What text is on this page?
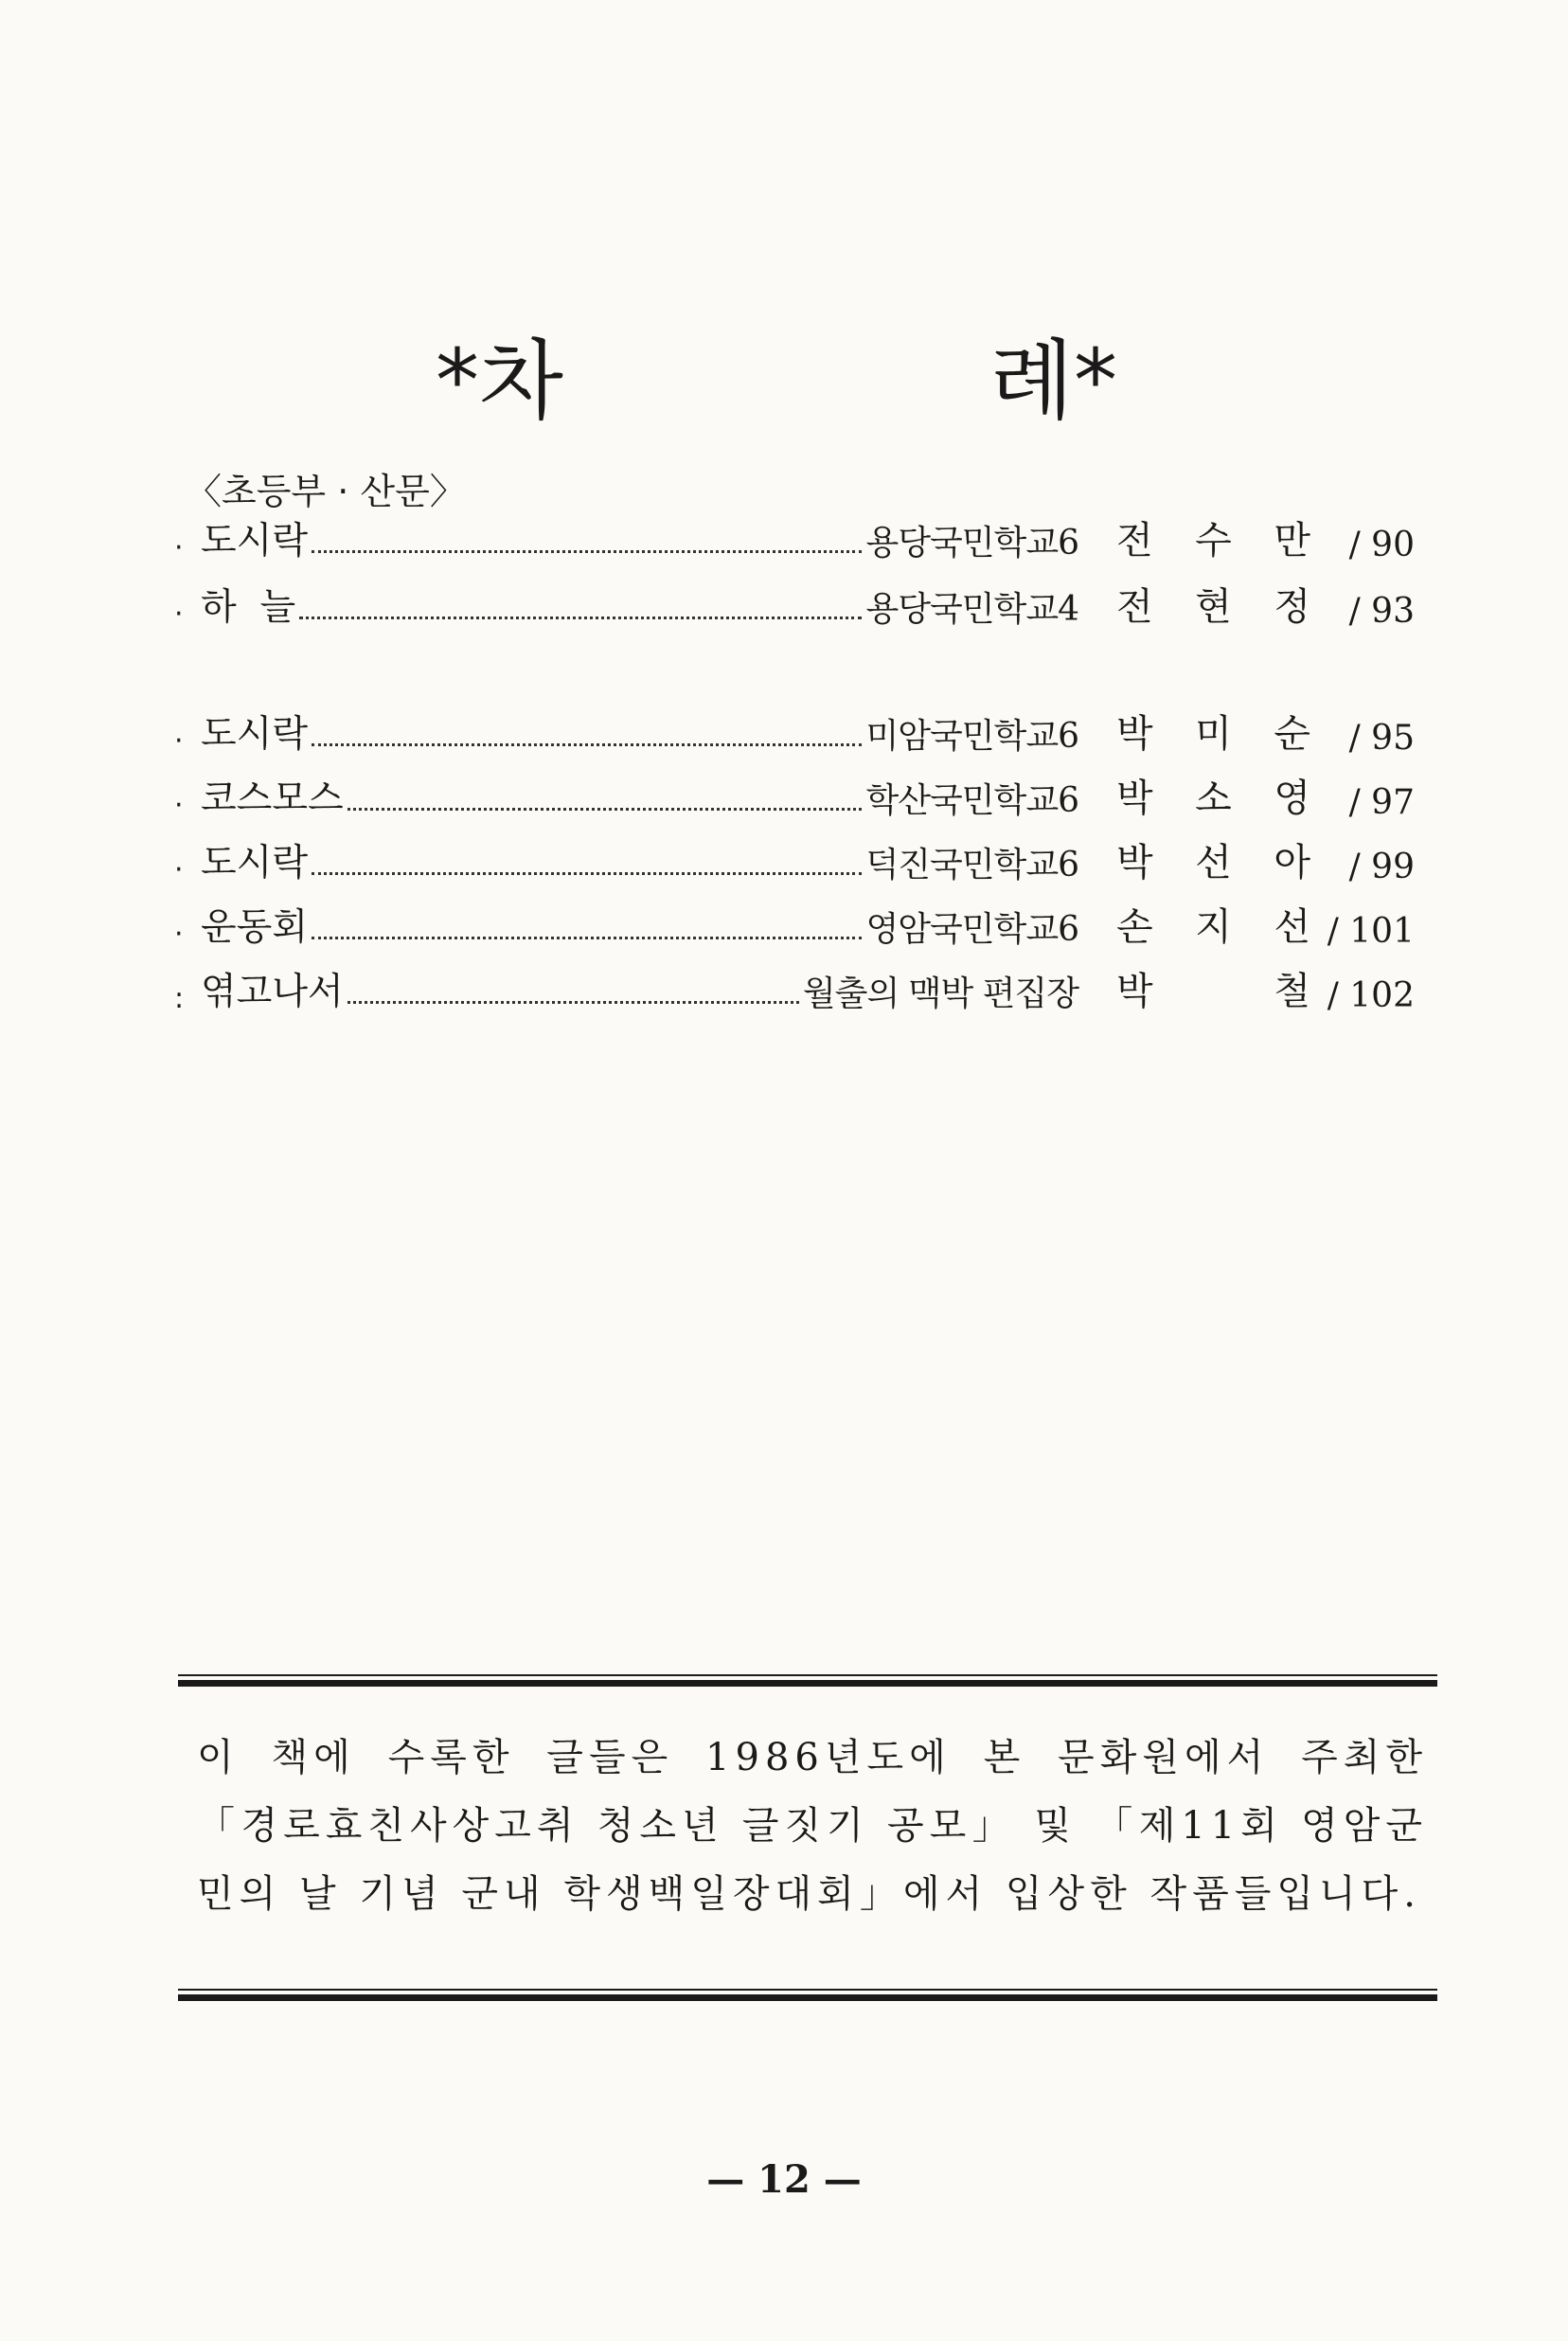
*차	례*
〈초등부 · 산문〉
· 도시락	용당국민학교6 전 수 만	/ 90
· 하  늘	용당국민학교4 전 현 정	/ 93
· 도시락	미암국민학교6 박 미 순	/ 95
· 코스모스	학산국민학교6 박 소 영	/ 97
· 도시락	덕진국민학교6 박 선 아	/ 99
· 운동회	영암국민학교6 손 지 선 / 101
: 엮고나서	월출의 맥박 편집장 박	철 / 102
이 책에 수록한 글들은 1986년도에 본 문화원에서 주최한 「경로효친사상고취 청소년 글짓기 공모」 및 「제11회 영암군민의 날 기념 군내 학생백일장대회」에서 입상한 작품들입니다.
— 12 —
